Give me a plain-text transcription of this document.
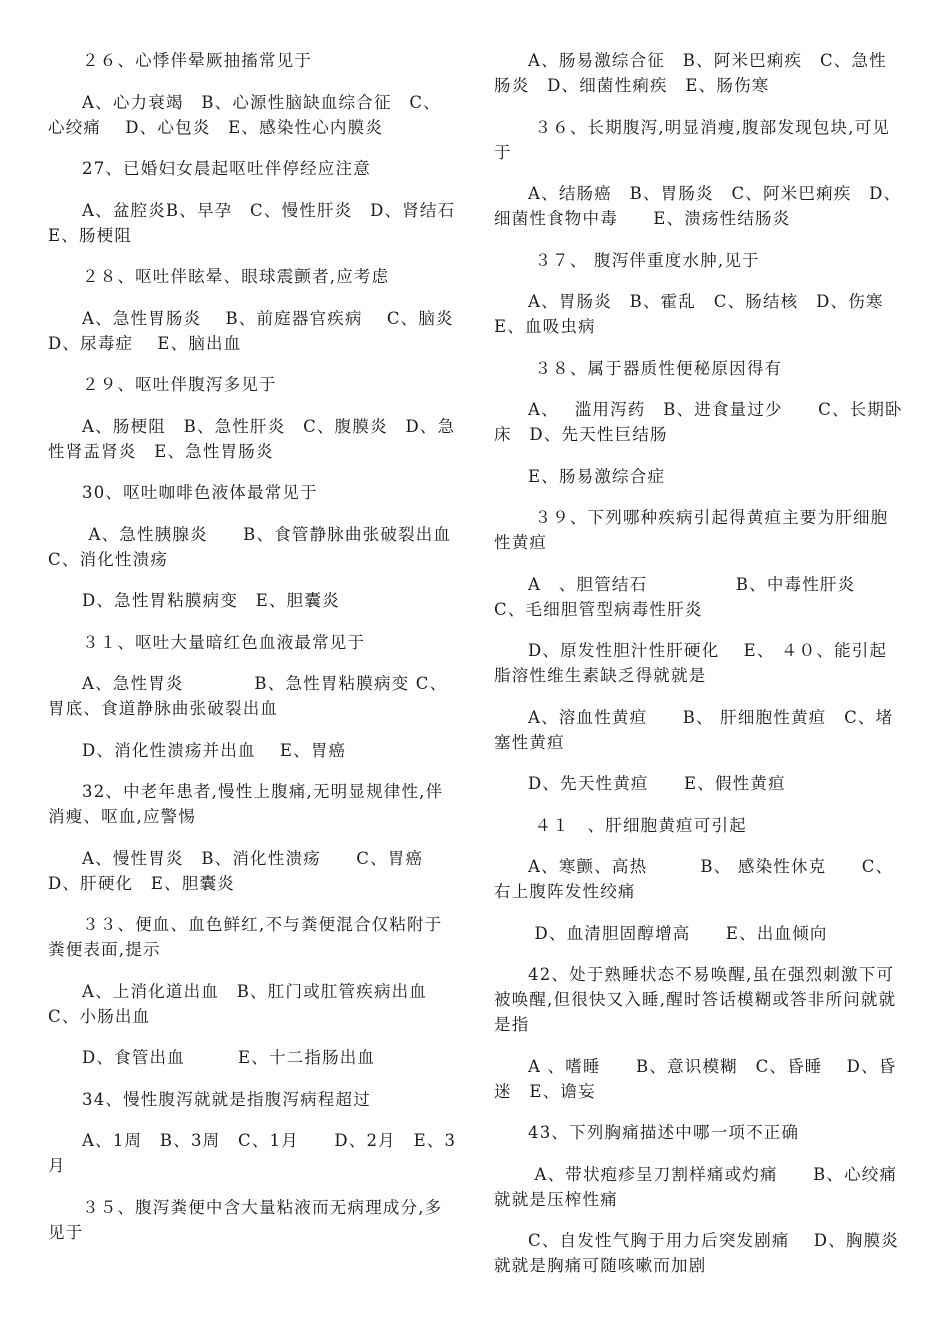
２６、心悸伴晕厥抽搐常见于

A、心力衰竭　B、心源性脑缺血综合征　C、心绞痛　 D、心包炎　E、感染性心内膜炎

27、已婚妇女晨起呕吐伴停经应注意

A、盆腔炎B、早孕　C、慢性肝炎　D、肾结石　E、肠梗阻

２８、呕吐伴眩晕、眼球震颤者,应考虑

A、急性胃肠炎　 B、前庭器官疾病　 C、脑炎D、尿毒症　 E、脑出血

２９、呕吐伴腹泻多见于

A、肠梗阻　B、急性肝炎　C、腹膜炎　D、急性肾盂肾炎　E、急性胃肠炎

30、呕吐咖啡色液体最常见于

A、急性胰腺炎　　B、食管静脉曲张破裂出血　 C、消化性溃疡

D、急性胃粘膜病变　E、胆囊炎

３１、呕吐大量暗红色血液最常见于

A、急性胃炎　　　　B、急性胃粘膜病变 C、胃底、食道静脉曲张破裂出血

D、消化性溃疡并出血　 E、胃癌

32、中老年患者,慢性上腹痛,无明显规律性,伴消瘦、呕血,应警惕

A、慢性胃炎　B、消化性溃疡　　C、胃癌　D、肝硬化　E、胆囊炎

３３、便血、血色鲜红,不与粪便混合仅粘附于粪便表面,提示

A、上消化道出血　B、肛门或肛管疾病出血　C、小肠出血

D、食管出血　　　E、十二指肠出血

34、慢性腹泻就就是指腹泻病程超过

A、1周　B、3周　C、1月　　D、2月　E、3月

３５、腹泻粪便中含大量粘液而无病理成分,多见于

A、肠易激综合征　B、阿米巴痢疾　C、急性肠炎　D、细菌性痢疾　E、肠伤寒

３６、长期腹泻,明显消瘦,腹部发现包块,可见于

A、结肠癌　B、胃肠炎　C、阿米巴痢疾　D、细菌性食物中毒　　E、溃疡性结肠炎

３７、 腹泻伴重度水肿,见于

A、胃肠炎　B、霍乱　C、肠结核　D、伤寒　E、血吸虫病

３８、属于器质性便秘原因得有

A、　 滥用泻药　B、进食量过少　　C、长期卧床　D、先天性巨结肠

E、肠易激综合症

３９、下列哪种疾病引起得黄疸主要为肝细胞性黄疸

A　、胆管结石　　　　　B、中毒性肝炎　C、毛细胆管型病毒性肝炎

D、原发性胆汁性肝硬化　 E、 ４０、能引起脂溶性维生素缺乏得就就是

A、溶血性黄疸　　B、 肝细胞性黄疸　C、堵塞性黄疸

D、先天性黄疸　　E、假性黄疸

４１　、肝细胞黄疸可引起

A、寒颤、高热　　　B、 感染性休克　　C、右上腹阵发性绞痛

D、血清胆固醇增高　　E、出血倾向

42、处于熟睡状态不易唤醒,虽在强烈刺激下可被唤醒,但很快又入睡,醒时答话模糊或答非所问就就是指

A 、嗜睡　　B、意识模糊　C、昏睡　 D、昏迷　E、谵妄

43、下列胸痛描述中哪一项不正确

A、带状疱疹呈刀割样痛或灼痛　　B、心绞痛就就是压榨性痛

C、自发性气胸于用力后突发剧痛　 D、胸膜炎就就是胸痛可随咳嗽而加剧
